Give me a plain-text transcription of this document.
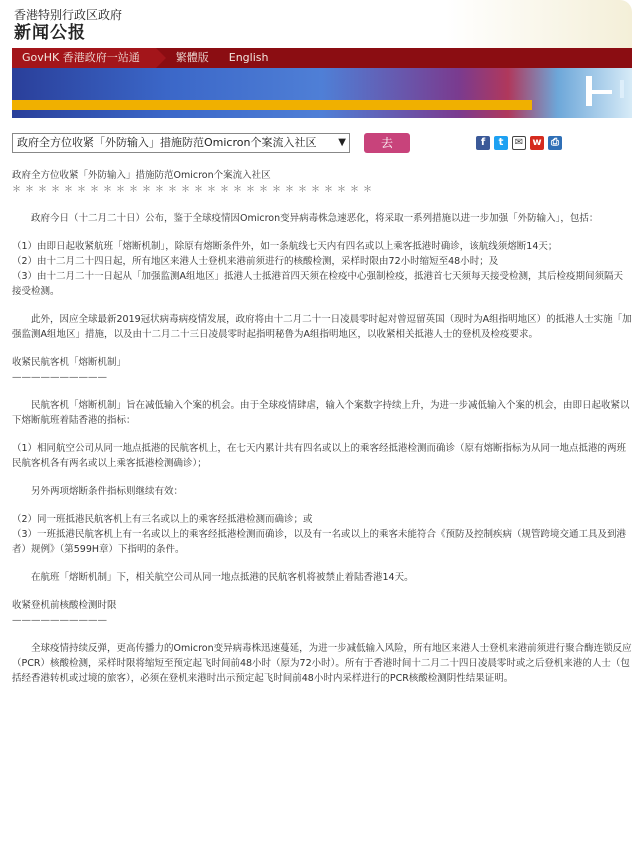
香港特别行政区政府
新闻公报
GovHK 香港政府一站通	繁體版	English
政府全方位收紧「外防输入」措施防范Omicron个案流入社区 ▼	去	f	t	✉ w ⎙

政府全方位收紧「外防输入」措施防范Omicron个案流入社区

＊＊＊＊＊＊＊＊＊＊＊＊＊＊＊＊＊＊＊＊＊＊＊＊＊＊＊＊

政府今日（十二月二十日）公布，鉴于全球疫情因Omicron变异病毒株急速恶化，将采取一系列措施以进一步加强「外防输入」，包括：

（1）由即日起收紧航班「熔断机制」，除原有熔断条件外，如一条航线七天内有四名或以上乘客抵港时确诊，该航线须熔断14天；

（2）由十二月二十四日起，所有地区来港人士登机来港前须进行的核酸检测，采样时限由72小时缩短至48小时；及

（3）由十二月二十一日起从「加强监测A组地区」抵港人士抵港首四天须在检疫中心强制检疫，抵港首七天须每天接受检测，其后检疫期间须隔天接受检测。

此外，因应全球最新2019冠状病毒病疫情发展，政府将由十二月二十一日凌晨零时起对曾逗留英国（现时为A组指明地区）的抵港人士实施「加强监测A组地区」措施，以及由十二月二十三日凌晨零时起指明秘鲁为A组指明地区，以收紧相关抵港人士的登机及检疫要求。

收紧民航客机「熔断机制」

——————————

民航客机「熔断机制」旨在减低输入个案的机会。由于全球疫情肆虐，输入个案数字持续上升，为进一步减低输入个案的机会，由即日起收紧以下熔断航班着陆香港的指标：

（1）相同航空公司从同一地点抵港的民航客机上，在七天内累计共有四名或以上的乘客经抵港检测而确诊（原有熔断指标为从同一地点抵港的两班民航客机各有两名或以上乘客抵港检测确诊）；

另外两项熔断条件指标则继续有效：

（2）同一班抵港民航客机上有三名或以上的乘客经抵港检测而确诊；或

（3）一班抵港民航客机上有一名或以上的乘客经抵港检测而确诊，以及有一名或以上的乘客未能符合《预防及控制疾病（规管跨境交通工具及到港者）规例》（第599H章）下指明的条件。

在航班「熔断机制」下，相关航空公司从同一地点抵港的民航客机将被禁止着陆香港14天。

收紧登机前核酸检测时限

——————————

全球疫情持续反弹，更高传播力的Omicron变异病毒株迅速蔓延，为进一步减低输入风险，所有地区来港人士登机来港前须进行聚合酶连锁反应（PCR）核酸检测，采样时限将缩短至预定起飞时间前48小时（原为72小时）。所有于香港时间十二月二十四日凌晨零时或之后登机来港的人士（包括经香港转机或过境的旅客），必须在登机来港时出示预定起飞时间前48小时内采样进行的PCR核酸检测阴性结果证明。
